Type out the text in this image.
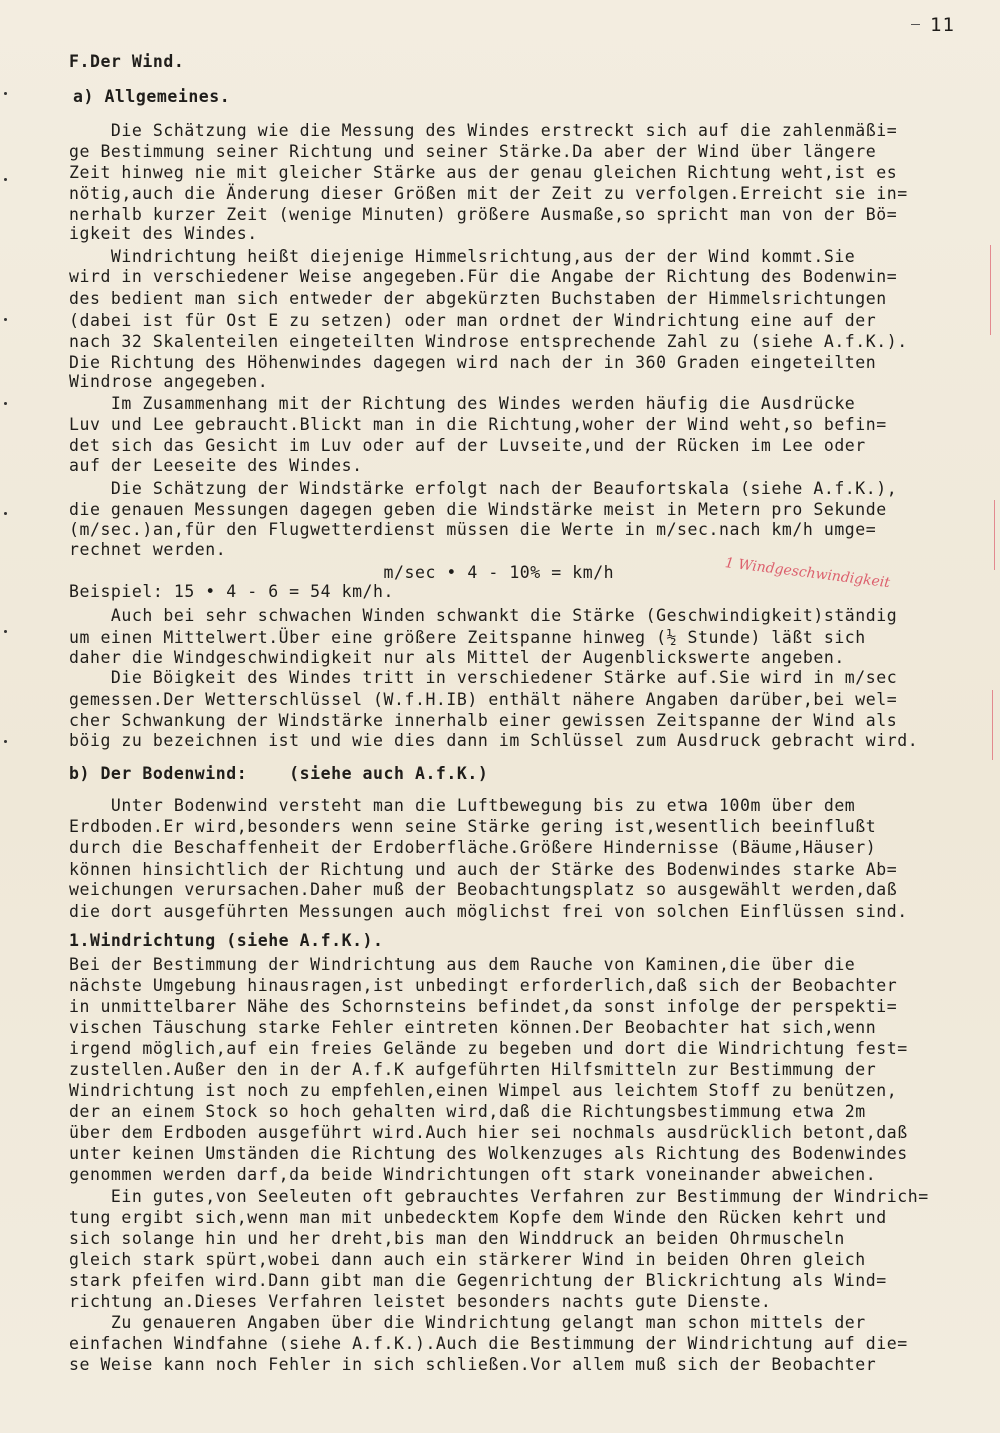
11
1 Windgeschwindigkeit
F.Der Wind.
a) Allgemeines.
Die Schätzung wie die Messung des Windes erstreckt sich auf die zahlenmäßi=
ge Bestimmung seiner Richtung und seiner Stärke.Da aber der Wind über längere
Zeit hinweg nie mit gleicher Stärke aus der genau gleichen Richtung weht,ist es
nötig,auch die Änderung dieser Größen mit der Zeit zu verfolgen.Erreicht sie in=
nerhalb kurzer Zeit (wenige Minuten) größere Ausmaße,so spricht man von der Bö=
igkeit des Windes.
Windrichtung heißt diejenige Himmelsrichtung,aus der der Wind kommt.Sie
wird in verschiedener Weise angegeben.Für die Angabe der Richtung des Bodenwin=
des bedient man sich entweder der abgekürzten Buchstaben der Himmelsrichtungen
(dabei ist für Ost E zu setzen) oder man ordnet der Windrichtung eine auf der
nach 32 Skalenteilen eingeteilten Windrose entsprechende Zahl zu (siehe A.f.K.).
Die Richtung des Höhenwindes dagegen wird nach der in 360 Graden eingeteilten
Windrose angegeben.
Im Zusammenhang mit der Richtung des Windes werden häufig die Ausdrücke
Luv und Lee gebraucht.Blickt man in die Richtung,woher der Wind weht,so befin=
det sich das Gesicht im Luv oder auf der Luvseite,und der Rücken im Lee oder
auf der Leeseite des Windes.
Die Schätzung der Windstärke erfolgt nach der Beaufortskala (siehe A.f.K.),
die genauen Messungen dagegen geben die Windstärke meist in Metern pro Sekunde
(m/sec.)an,für den Flugwetterdienst müssen die Werte in m/sec.nach km/h umge=
rechnet werden.
m/sec • 4 - 10% = km/h
Beispiel: 15 • 4 - 6 = 54 km/h.
Auch bei sehr schwachen Winden schwankt die Stärke (Geschwindigkeit)ständig
um einen Mittelwert.Über eine größere Zeitspanne hinweg (½ Stunde) läßt sich
daher die Windgeschwindigkeit nur als Mittel der Augenblickswerte angeben.
Die Böigkeit des Windes tritt in verschiedener Stärke auf.Sie wird in m/sec
gemessen.Der Wetterschlüssel (W.f.H.IB) enthält nähere Angaben darüber,bei wel=
cher Schwankung der Windstärke innerhalb einer gewissen Zeitspanne der Wind als
böig zu bezeichnen ist und wie dies dann im Schlüssel zum Ausdruck gebracht wird.
b) Der Bodenwind:    (siehe auch A.f.K.)
Unter Bodenwind versteht man die Luftbewegung bis zu etwa 100m über dem
Erdboden.Er wird,besonders wenn seine Stärke gering ist,wesentlich beeinflußt
durch die Beschaffenheit der Erdoberfläche.Größere Hindernisse (Bäume,Häuser)
können hinsichtlich der Richtung und auch der Stärke des Bodenwindes starke Ab=
weichungen verursachen.Daher muß der Beobachtungsplatz so ausgewählt werden,daß
die dort ausgeführten Messungen auch möglichst frei von solchen Einflüssen sind.
1.Windrichtung (siehe A.f.K.).
Bei der Bestimmung der Windrichtung aus dem Rauche von Kaminen,die über die
nächste Umgebung hinausragen,ist unbedingt erforderlich,daß sich der Beobachter
in unmittelbarer Nähe des Schornsteins befindet,da sonst infolge der perspekti=
vischen Täuschung starke Fehler eintreten können.Der Beobachter hat sich,wenn
irgend möglich,auf ein freies Gelände zu begeben und dort die Windrichtung fest=
zustellen.Außer den in der A.f.K aufgeführten Hilfsmitteln zur Bestimmung der
Windrichtung ist noch zu empfehlen,einen Wimpel aus leichtem Stoff zu benützen,
der an einem Stock so hoch gehalten wird,daß die Richtungsbestimmung etwa 2m
über dem Erdboden ausgeführt wird.Auch hier sei nochmals ausdrücklich betont,daß
unter keinen Umständen die Richtung des Wolkenzuges als Richtung des Bodenwindes
genommen werden darf,da beide Windrichtungen oft stark voneinander abweichen.
Ein gutes,von Seeleuten oft gebrauchtes Verfahren zur Bestimmung der Windrich=
tung ergibt sich,wenn man mit unbedecktem Kopfe dem Winde den Rücken kehrt und
sich solange hin und her dreht,bis man den Winddruck an beiden Ohrmuscheln
gleich stark spürt,wobei dann auch ein stärkerer Wind in beiden Ohren gleich
stark pfeifen wird.Dann gibt man die Gegenrichtung der Blickrichtung als Wind=
richtung an.Dieses Verfahren leistet besonders nachts gute Dienste.
Zu genaueren Angaben über die Windrichtung gelangt man schon mittels der
einfachen Windfahne (siehe A.f.K.).Auch die Bestimmung der Windrichtung auf die=
se Weise kann noch Fehler in sich schließen.Vor allem muß sich der Beobachter
